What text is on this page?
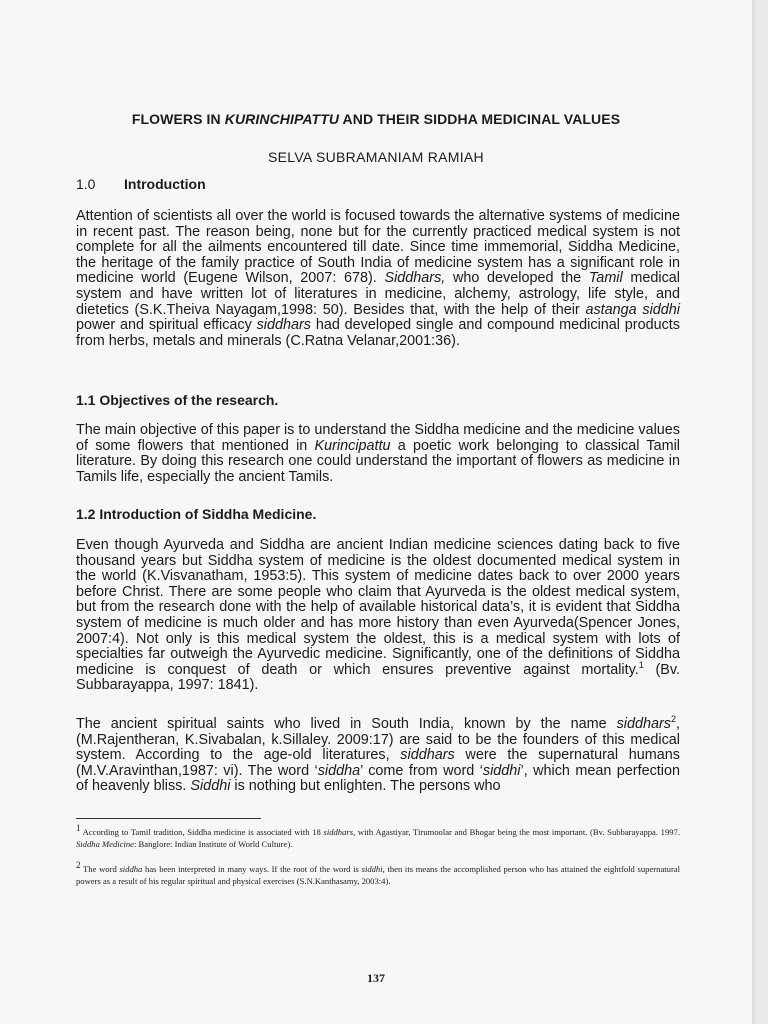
FLOWERS IN KURINCHIPATTU AND THEIR SIDDHA MEDICINAL VALUES
SELVA SUBRAMANIAM RAMIAH
1.0 Introduction

Attention of scientists all over the world is focused towards the alternative systems of medicine in recent past. The reason being, none but for the currently practiced medical system is not complete for all the ailments encountered till date. Since time immemorial, Siddha Medicine, the heritage of the family practice of South India of medicine system has a significant role in medicine world (Eugene Wilson, 2007: 678). Siddhars, who developed the Tamil medical system and have written lot of literatures in medicine, alchemy, astrology, life style, and dietetics (S.K.Theiva Nayagam,1998: 50). Besides that, with the help of their astanga siddhi power and spiritual efficacy siddhars had developed single and compound medicinal products from herbs, metals and minerals (C.Ratna Velanar,2001:36).

1.1 Objectives of the research.

The main objective of this paper is to understand the Siddha medicine and the medicine values of some flowers that mentioned in Kurincipattu a poetic work belonging to classical Tamil literature. By doing this research one could understand the important of flowers as medicine in Tamils life, especially the ancient Tamils.

1.2 Introduction of Siddha Medicine.

Even though Ayurveda and Siddha are ancient Indian medicine sciences dating back to five thousand years but Siddha system of medicine is the oldest documented medical system in the world (K.Visvanatham, 1953:5). This system of medicine dates back to over 2000 years before Christ. There are some people who claim that Ayurveda is the oldest medical system, but from the research done with the help of available historical data’s, it is evident that Siddha system of medicine is much older and has more history than even Ayurveda(Spencer Jones, 2007:4). Not only is this medical system the oldest, this is a medical system with lots of specialties far outweigh the Ayurvedic medicine. Significantly, one of the definitions of Siddha medicine is conquest of death or which ensures preventive against mortality.$^1$ (Bv. Subbarayappa, 1997: 1841).

The ancient spiritual saints who lived in South India, known by the name siddhars$^2$, (M.Rajentheran, K.Sivabalan, k.Sillaley. 2009:17) are said to be the founders of this medical system. According to the age-old literatures, siddhars were the supernatural humans (M.V.Aravinthan,1987: vi). The word ‘siddha’ come from word ‘siddhi’, which mean perfection of heavenly bliss. Siddhi is nothing but enlighten. The persons who

$^1$ According to Tamil tradition, Siddha medicine is associated with 18 siddhars, with Agastiyar, Tirumoolar and Bhogar being the most important. (Bv. Subbarayappa. 1997. Siddha Medicine: Banglore: Indian Institute of World Culture).

$^2$ The word siddha has been interpreted in many ways. If the root of the word is siddhi, then its means the accomplished person who has attained the eightfold supernatural powers as a result of his regular spiritual and physical exercises (S.N.Kanthasamy, 2003:4).

137
